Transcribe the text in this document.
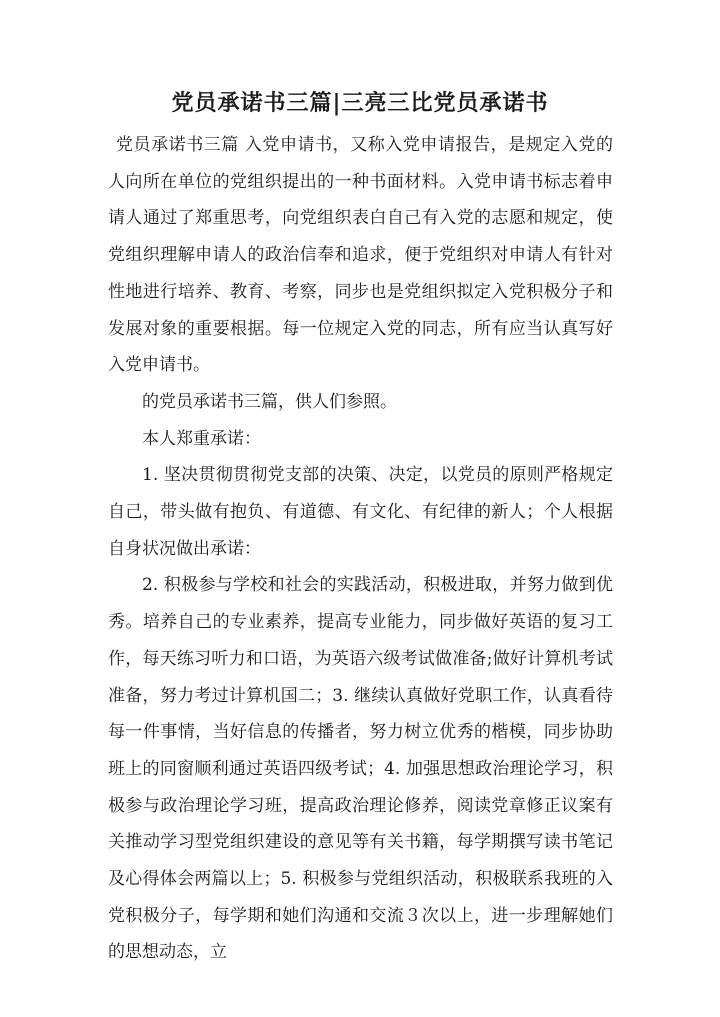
党员承诺书三篇|三亮三比党员承诺书

党员承诺书三篇 入党申请书，又称入党申请报告，是规定入党的人向所在单位的党组织提出的一种书面材料。入党申请书标志着申请人通过了郑重思考，向党组织表白自己有入党的志愿和规定，使党组织理解申请人的政治信奉和追求，便于党组织对申请人有针对性地进行培养、教育、考察，同步也是党组织拟定入党积极分子和发展对象的重要根据。每一位规定入党的同志，所有应当认真写好入党申请书。

的党员承诺书三篇，供人们参照。

本人郑重承诺：

1. 坚决贯彻贯彻党支部的决策、决定，以党员的原则严格规定自己，带头做有抱负、有道德、有文化、有纪律的新人；个人根据自身状况做出承诺：

2. 积极参与学校和社会的实践活动，积极进取，并努力做到优秀。培养自己的专业素养，提高专业能力，同步做好英语的复习工作，每天练习听力和口语，为英语六级考试做准备;做好计算机考试准备，努力考过计算机国二；3. 继续认真做好党职工作，认真看待每一件事情，当好信息的传播者，努力树立优秀的楷模，同步协助班上的同窗顺利通过英语四级考试；4. 加强思想政治理论学习，积极参与政治理论学习班，提高政治理论修养，阅读党章修正议案有关推动学习型党组织建设的意见等有关书籍，每学期撰写读书笔记及心得体会两篇以上；5. 积极参与党组织活动，积极联系我班的入党积极分子，每学期和她们沟通和交流３次以上，进一步理解她们的思想动态，立
